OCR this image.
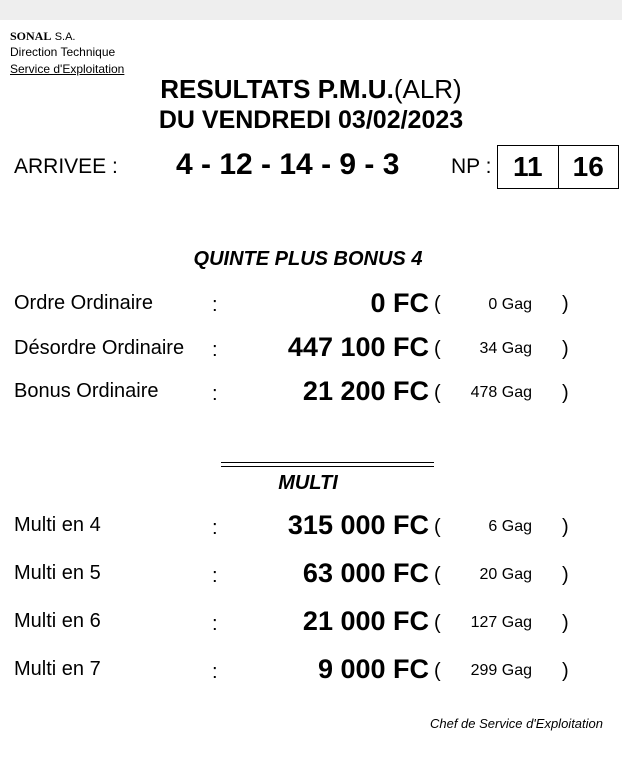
SONAL S.A.
Direction Technique
Service d'Exploitation
RESULTATS P.M.U.(ALR)
DU VENDREDI 03/02/2023
ARRIVEE : 4 - 12 - 14 - 9 - 3 NP : 11	16
QUINTE PLUS BONUS 4
Ordre Ordinaire	:	0 FC (	0 Gag )
Désordre Ordinaire :	447 100 FC ( 34 Gag )
Bonus Ordinaire	:	21 200 FC ( 478 Gag )
MULTI
Multi en 4	:	315 000 FC (	6 Gag )
Multi en 5	:	63 000 FC ( 20 Gag )
Multi en 6	:	21 000 FC ( 127 Gag )
Multi en 7	:	9 000 FC ( 299 Gag )
Chef de Service d'Exploitation
